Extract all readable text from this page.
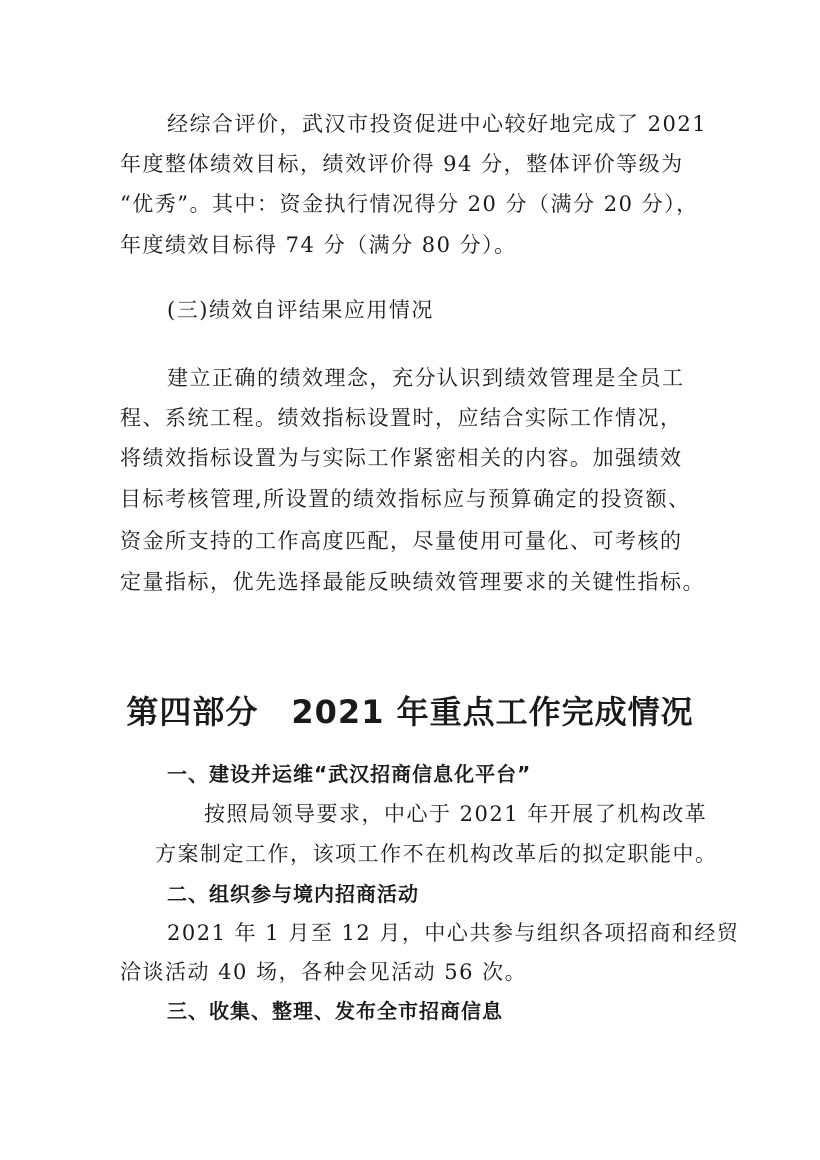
经综合评价，武汉市投资促进中心较好地完成了 2021
年度整体绩效目标，绩效评价得 94 分，整体评价等级为
“优秀”。其中：资金执行情况得分 20 分（满分 20 分），
年度绩效目标得 74 分（满分 80 分）。
(三)绩效自评结果应用情况
建立正确的绩效理念，充分认识到绩效管理是全员工
程、系统工程。绩效指标设置时，应结合实际工作情况，
将绩效指标设置为与实际工作紧密相关的内容。加强绩效
目标考核管理,所设置的绩效指标应与预算确定的投资额、
资金所支持的工作高度匹配，尽量使用可量化、可考核的
定量指标，优先选择最能反映绩效管理要求的关键性指标。
第四部分　2021 年重点工作完成情况
一、建设并运维“武汉招商信息化平台”
按照局领导要求，中心于 2021 年开展了机构改革
方案制定工作，该项工作不在机构改革后的拟定职能中。
二、组织参与境内招商活动
2021 年 1 月至 12 月，中心共参与组织各项招商和经贸
洽谈活动 40 场，各种会见活动 56 次。
三、收集、整理、发布全市招商信息
